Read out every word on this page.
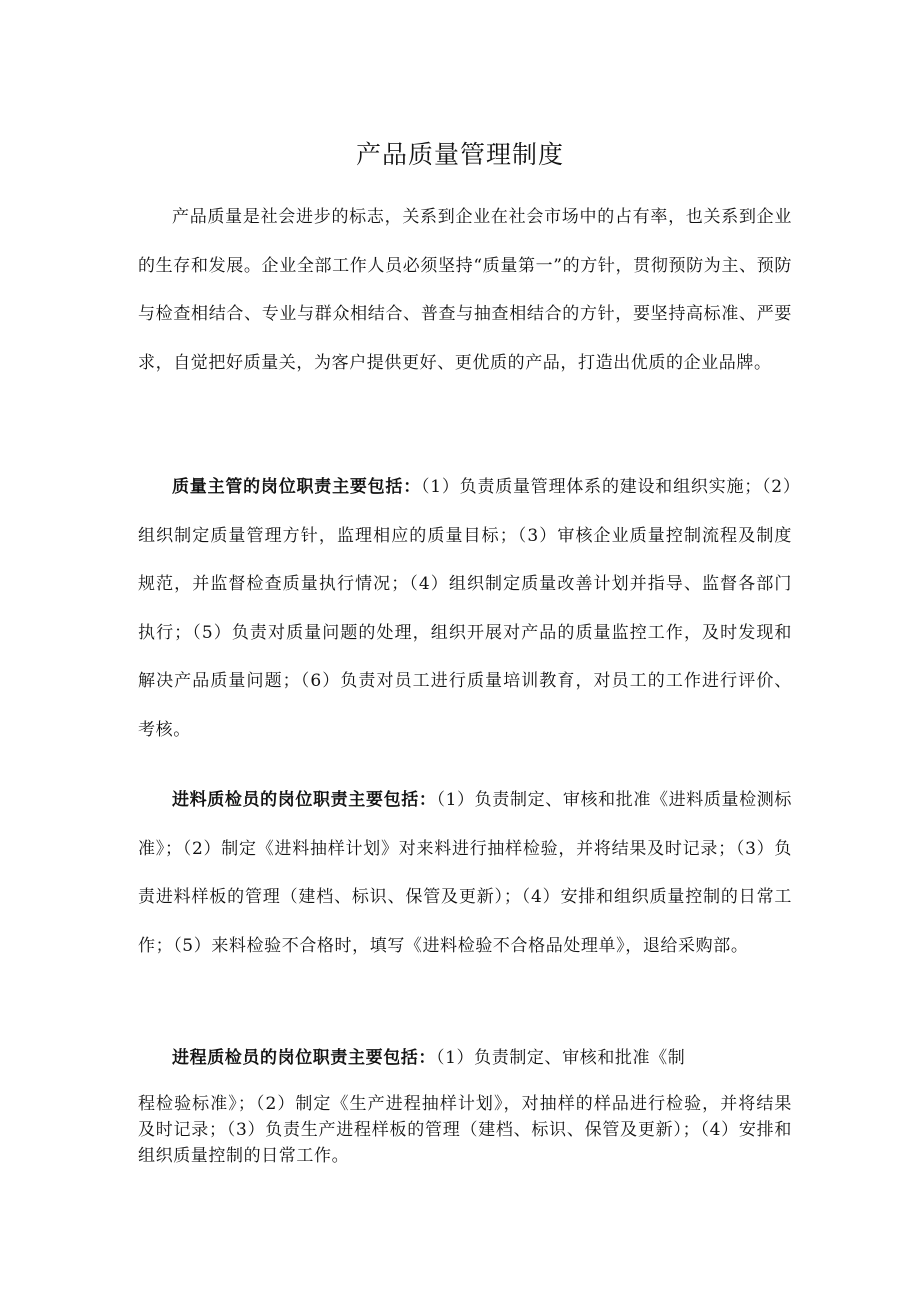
产品质量管理制度

产品质量是社会进步的标志，关系到企业在社会市场中的占有率，也关系到企业的生存和发展。企业全部工作人员必须坚持“质量第一”的方针，贯彻预防为主、预防与检查相结合、专业与群众相结合、普查与抽查相结合的方针，要坚持高标准、严要求，自觉把好质量关，为客户提供更好、更优质的产品，打造出优质的企业品牌。

质量主管的岗位职责主要包括：（1）负责质量管理体系的建设和组织实施；（2）组织制定质量管理方针，监理相应的质量目标；（3）审核企业质量控制流程及制度规范，并监督检查质量执行情况；（4）组织制定质量改善计划并指导、监督各部门执行；（5）负责对质量问题的处理，组织开展对产品的质量监控工作，及时发现和解决产品质量问题；（6）负责对员工进行质量培训教育，对员工的工作进行评价、考核。

进料质检员的岗位职责主要包括：（1）负责制定、审核和批准《进料质量检测标准》；（2）制定《进料抽样计划》对来料进行抽样检验，并将结果及时记录；（3）负责进料样板的管理（建档、标识、保管及更新）；（4）安排和组织质量控制的日常工作；（5）来料检验不合格时，填写《进料检验不合格品处理单》，退给采购部。

进程质检员的岗位职责主要包括：（1）负责制定、审核和批准《制
程检验标准》；（2）制定《生产进程抽样计划》，对抽样的样品进行检验，并将结果及时记录；（3）负责生产进程样板的管理（建档、标识、保管及更新）；（4）安排和组织质量控制的日常工作。
